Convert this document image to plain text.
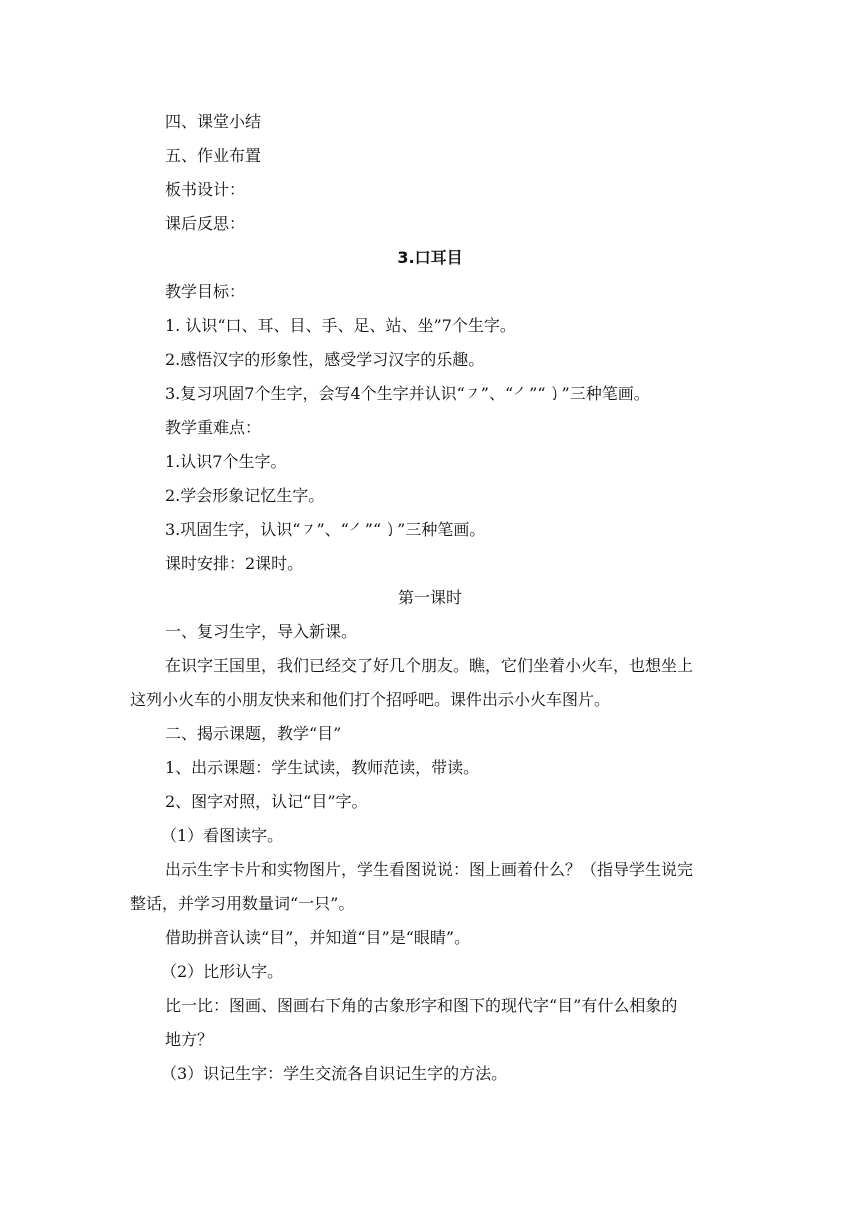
四、课堂小结

五、作业布置

板书设计：

课后反思：

3.口耳目

教学目标：

1. 认识“口、耳、目、手、足、站、坐”7个生字。

2.感悟汉字的形象性，感受学习汉字的乐趣。

3.复习巩固7个生字，会写4个生字并认识“㇇”、“㇒”“㇁”三种笔画。

教学重难点：

1.认识7个生字。

2.学会形象记忆生字。

3.巩固生字，认识“㇇”、“㇒”“㇁”三种笔画。

课时安排：2课时。

第一课时

一、复习生字，导入新课。

在识字王国里，我们已经交了好几个朋友。瞧，它们坐着小火车，也想坐上

这列小火车的小朋友快来和他们打个招呼吧。课件出示小火车图片。

二、揭示课题，教学“目”

1、出示课题：学生试读，教师范读，带读。

2、图字对照，认记“目”字。

（1）看图读字。

出示生字卡片和实物图片，学生看图说说：图上画着什么？（指导学生说完

整话，并学习用数量词“一只”。

借助拼音认读“目”，并知道“目”是“眼睛”。

（2）比形认字。

比一比：图画、图画右下角的古象形字和图下的现代字“目”有什么相象的

地方？

（3）识记生字：学生交流各自识记生字的方法。
